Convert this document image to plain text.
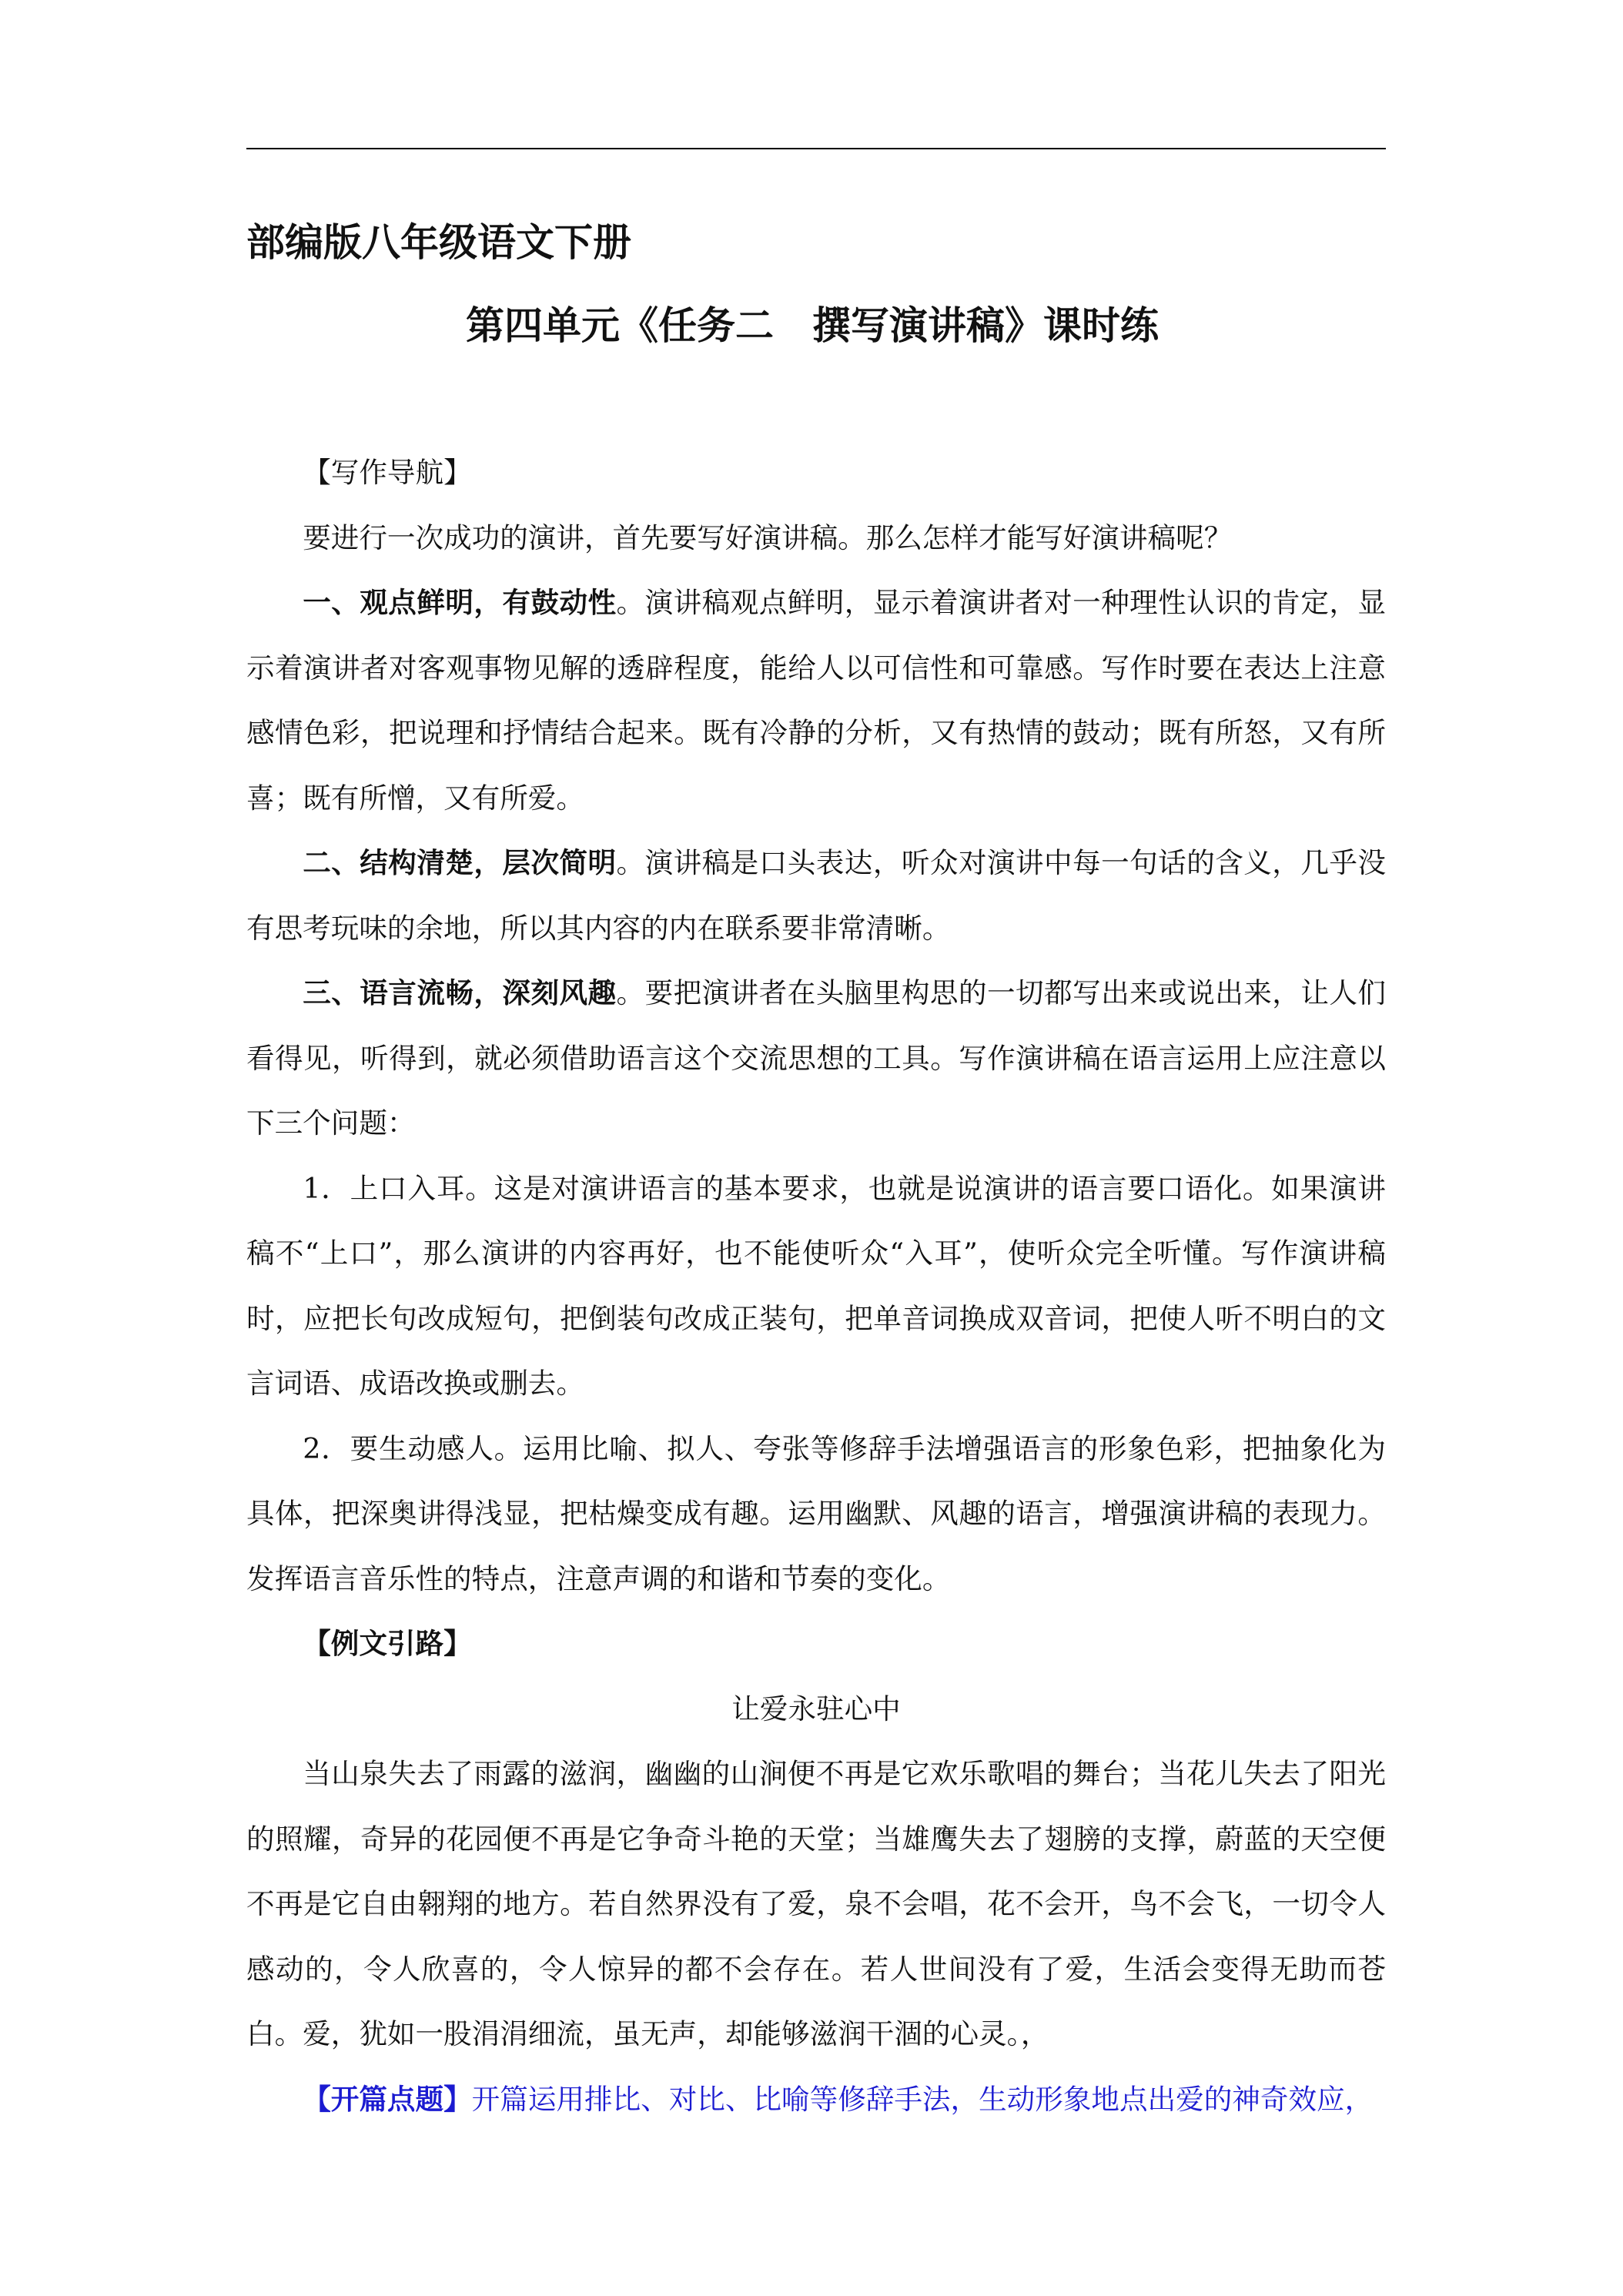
部编版八年级语文下册
第四单元《任务二　撰写演讲稿》课时练

【写作导航】

要进行一次成功的演讲，首先要写好演讲稿。那么怎样才能写好演讲稿呢？

一、观点鲜明，有鼓动性。演讲稿观点鲜明，显示着演讲者对一种理性认识的肯定，显示着演讲者对客观事物见解的透辟程度，能给人以可信性和可靠感。写作时要在表达上注意感情色彩，把说理和抒情结合起来。既有冷静的分析，又有热情的鼓动；既有所怒，又有所喜；既有所憎，又有所爱。

二、结构清楚，层次简明。演讲稿是口头表达，听众对演讲中每一句话的含义，几乎没有思考玩味的余地，所以其内容的内在联系要非常清晰。

三、语言流畅，深刻风趣。要把演讲者在头脑里构思的一切都写出来或说出来，让人们看得见，听得到，就必须借助语言这个交流思想的工具。写作演讲稿在语言运用上应注意以下三个问题：

1．上口入耳。这是对演讲语言的基本要求，也就是说演讲的语言要口语化。如果演讲稿不“上口”，那么演讲的内容再好，也不能使听众“入耳”，使听众完全听懂。写作演讲稿时，应把长句改成短句，把倒装句改成正装句，把单音词换成双音词，把使人听不明白的文言词语、成语改换或删去。

2．要生动感人。运用比喻、拟人、夸张等修辞手法增强语言的形象色彩，把抽象化为具体，把深奥讲得浅显，把枯燥变成有趣。运用幽默、风趣的语言，增强演讲稿的表现力。发挥语言音乐性的特点，注意声调的和谐和节奏的变化。

【例文引路】

让爱永驻心中

当山泉失去了雨露的滋润，幽幽的山涧便不再是它欢乐歌唱的舞台；当花儿失去了阳光的照耀，奇异的花园便不再是它争奇斗艳的天堂；当雄鹰失去了翅膀的支撑，蔚蓝的天空便不再是它自由翱翔的地方。若自然界没有了爱，泉不会唱，花不会开，鸟不会飞，一切令人感动的，令人欣喜的，令人惊异的都不会存在。若人世间没有了爱，生活会变得无助而苍白。爱，犹如一股涓涓细流，虽无声，却能够滋润干涸的心灵。，

【开篇点题】开篇运用排比、对比、比喻等修辞手法，生动形象地点出爱的神奇效应，
